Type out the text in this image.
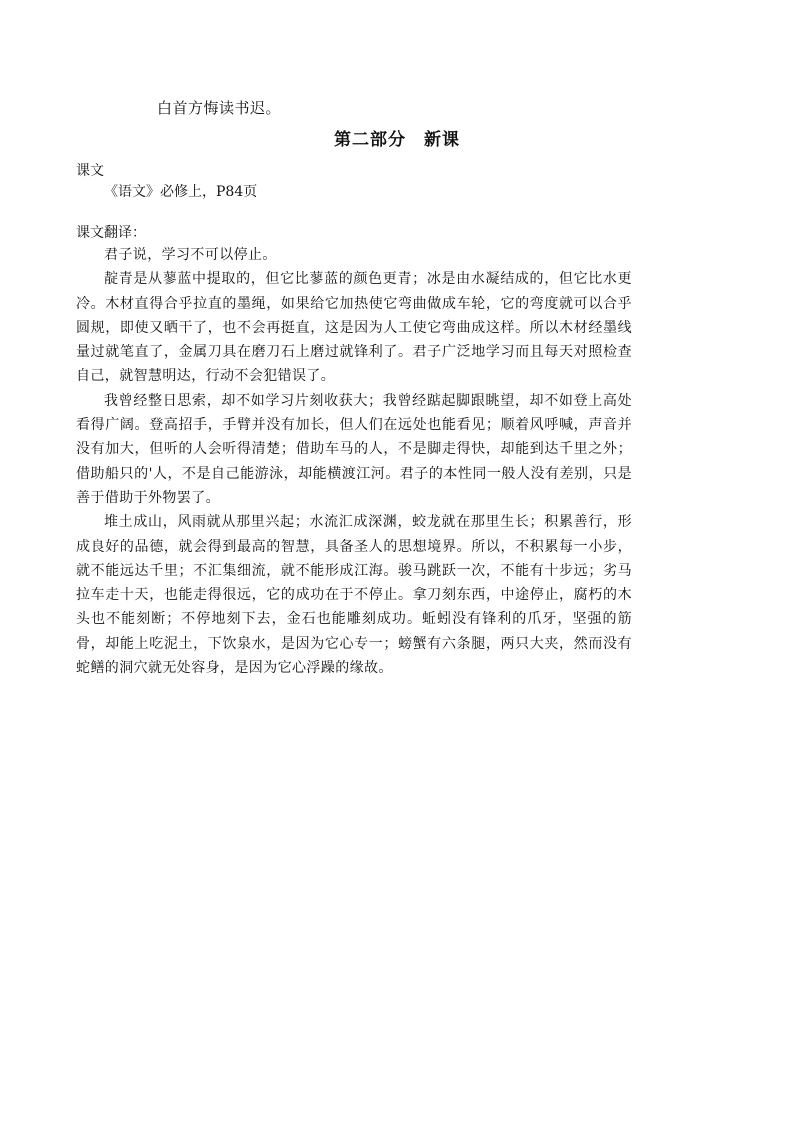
白首方悔读书迟。
第二部分　新课
课文
《语文》必修上，P84页
课文翻译：

君子说，学习不可以停止。

靛青是从蓼蓝中提取的，但它比蓼蓝的颜色更青；冰是由水凝结成的，但它比水更冷。木材直得合乎拉直的墨绳，如果给它加热使它弯曲做成车轮，它的弯度就可以合乎圆规，即使又晒干了，也不会再挺直，这是因为人工使它弯曲成这样。所以木材经墨线量过就笔直了，金属刀具在磨刀石上磨过就锋利了。君子广泛地学习而且每天对照检查自己，就智慧明达，行动不会犯错误了。

我曾经整日思索，却不如学习片刻收获大；我曾经踮起脚跟眺望，却不如登上高处看得广阔。登高招手，手臂并没有加长，但人们在远处也能看见；顺着风呼喊，声音并没有加大，但听的人会听得清楚；借助车马的人，不是脚走得快，却能到达千里之外；借助船只的'人，不是自己能游泳，却能横渡江河。君子的本性同一般人没有差别，只是善于借助于外物罢了。

堆土成山，风雨就从那里兴起；水流汇成深渊，蛟龙就在那里生长；积累善行，形成良好的品德，就会得到最高的智慧，具备圣人的思想境界。所以，不积累每一小步，就不能远达千里；不汇集细流，就不能形成江海。骏马跳跃一次，不能有十步远；劣马拉车走十天，也能走得很远，它的成功在于不停止。拿刀刻东西，中途停止，腐朽的木头也不能刻断；不停地刻下去，金石也能雕刻成功。蚯蚓没有锋利的爪牙，坚强的筋骨，却能上吃泥土，下饮泉水，是因为它心专一；螃蟹有六条腿，两只大夹，然而没有蛇鳝的洞穴就无处容身，是因为它心浮躁的缘故。
